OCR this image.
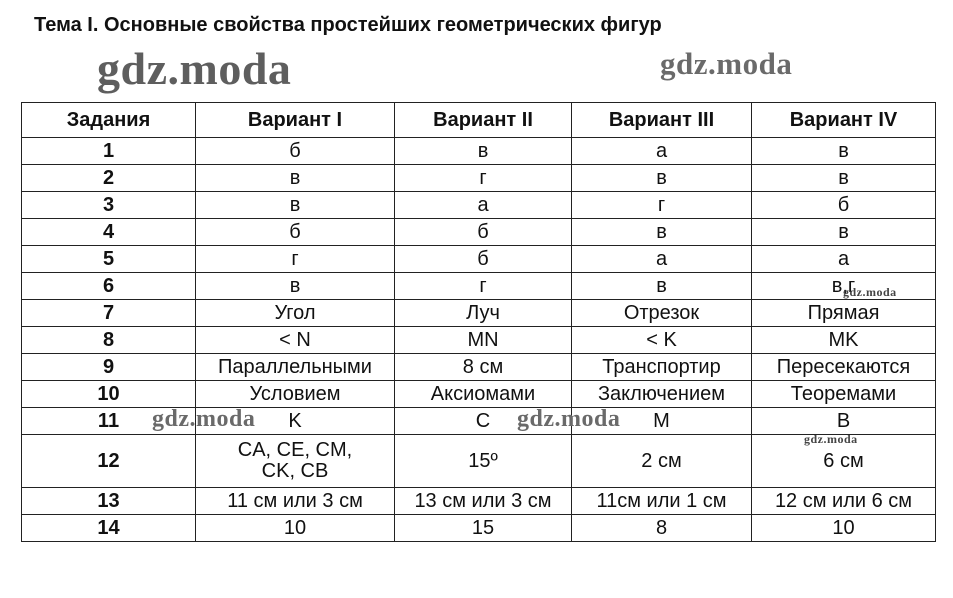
Тема I. Основные свойства простейших геометрических фигур
gdz.moda	gdz.moda
Задания	Вариант I	Вариант II	Вариант III	Вариант IV
1	б	в	а	в
2	в	г	в	в
3	в	а	г	б
4	б	б	в	в
5	г	б	а	а
6	в	г	в	в,г
7	Угол	Луч	Отрезок	Прямая
8	< N	MN	< K	MK
9	Параллельными	8 см	Транспортир	Пересекаются
10	Условием	Аксиомами	Заключением	Теоремами
11	K	C	M	B
12	CA, CE, CM, CK, CB	15º	2 см	6 см
13	11 см или 3 см	13 см или 3 см	11см или 1 см	12 см или 6 см
14	10	15	8	10
gdz.moda	gdz.moda
gdz.moda
gdz.moda
